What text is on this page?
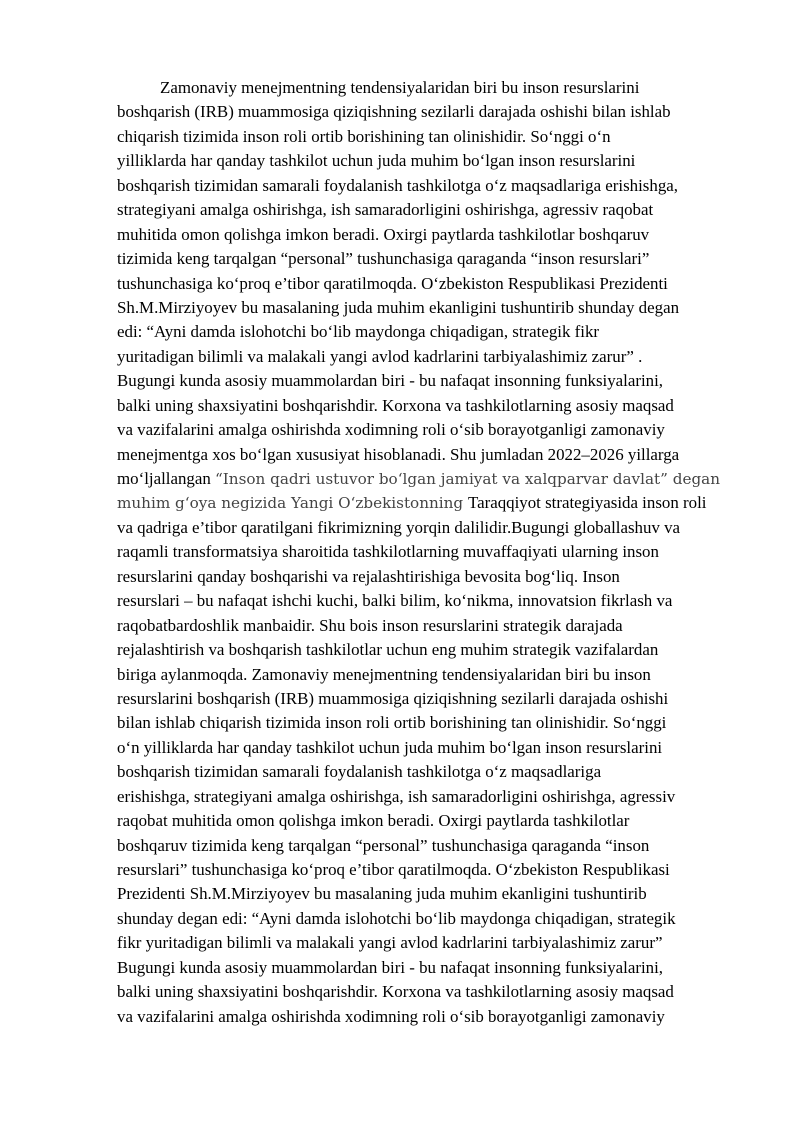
Zamonaviy menejmentning tendensiyalaridan biri bu inson resurslarini
boshqarish (IRB) muammosiga qiziqishning sezilarli darajada oshishi bilan ishlab
chiqarish tizimida inson roli ortib borishining tan olinishidir. So‘nggi o‘n
yilliklarda har qanday tashkilot uchun juda muhim bo‘lgan inson resurslarini
boshqarish tizimidan samarali foydalanish tashkilotga o‘z maqsadlariga erishishga,
strategiyani amalga oshirishga, ish samaradorligini oshirishga, agressiv raqobat
muhitida omon qolishga imkon beradi. Oxirgi paytlarda tashkilotlar boshqaruv
tizimida keng tarqalgan “personal” tushunchasiga qaraganda “inson resurslari”
tushunchasiga ko‘proq e’tibor qaratilmoqda. O‘zbekiston Respublikasi Prezidenti
Sh.M.Mirziyoyev bu masalaning juda muhim ekanligini tushuntirib shunday degan
edi: “Ayni damda islohotchi bo‘lib maydonga chiqadigan, strategik fikr
yuritadigan bilimli va malakali yangi avlod kadrlarini tarbiyalashimiz zarur” .
Bugungi kunda asosiy muammolardan biri - bu nafaqat insonning funksiyalarini,
balki uning shaxsiyatini boshqarishdir. Korxona va tashkilotlarning asosiy maqsad
va vazifalarini amalga oshirishda xodimning roli o‘sib borayotganligi zamonaviy
menejmentga xos bo‘lgan xususiyat hisoblanadi. Shu jumladan 2022–2026 yillarga
mo‘ljallangan “Inson qadri ustuvor bo‘lgan jamiyat va xalqparvar davlat” degan
muhim g‘oya negizida Yangi O‘zbekistonning Taraqqiyot strategiyasida inson roli
va qadriga e’tibor qaratilgani fikrimizning yorqin dalilidir.Bugungi globallashuv va
raqamli transformatsiya sharoitida tashkilotlarning muvaffaqiyati ularning inson
resurslarini qanday boshqarishi va rejalashtirishiga bevosita bog‘liq. Inson
resurslari – bu nafaqat ishchi kuchi, balki bilim, ko‘nikma, innovatsion fikrlash va
raqobatbardoshlik manbaidir. Shu bois inson resurslarini strategik darajada
rejalashtirish va boshqarish tashkilotlar uchun eng muhim strategik vazifalardan
biriga aylanmoqda. Zamonaviy menejmentning tendensiyalaridan biri bu inson
resurslarini boshqarish (IRB) muammosiga qiziqishning sezilarli darajada oshishi
bilan ishlab chiqarish tizimida inson roli ortib borishining tan olinishidir. So‘nggi
o‘n yilliklarda har qanday tashkilot uchun juda muhim bo‘lgan inson resurslarini
boshqarish tizimidan samarali foydalanish tashkilotga o‘z maqsadlariga
erishishga, strategiyani amalga oshirishga, ish samaradorligini oshirishga, agressiv
raqobat muhitida omon qolishga imkon beradi. Oxirgi paytlarda tashkilotlar
boshqaruv tizimida keng tarqalgan “personal” tushunchasiga qaraganda “inson
resurslari” tushunchasiga ko‘proq e’tibor qaratilmoqda. O‘zbekiston Respublikasi
Prezidenti Sh.M.Mirziyoyev bu masalaning juda muhim ekanligini tushuntirib
shunday degan edi: “Ayni damda islohotchi bo‘lib maydonga chiqadigan, strategik
fikr yuritadigan bilimli va malakali yangi avlod kadrlarini tarbiyalashimiz zarur”
Bugungi kunda asosiy muammolardan biri - bu nafaqat insonning funksiyalarini,
balki uning shaxsiyatini boshqarishdir. Korxona va tashkilotlarning asosiy maqsad
va vazifalarini amalga oshirishda xodimning roli o‘sib borayotganligi zamonaviy
